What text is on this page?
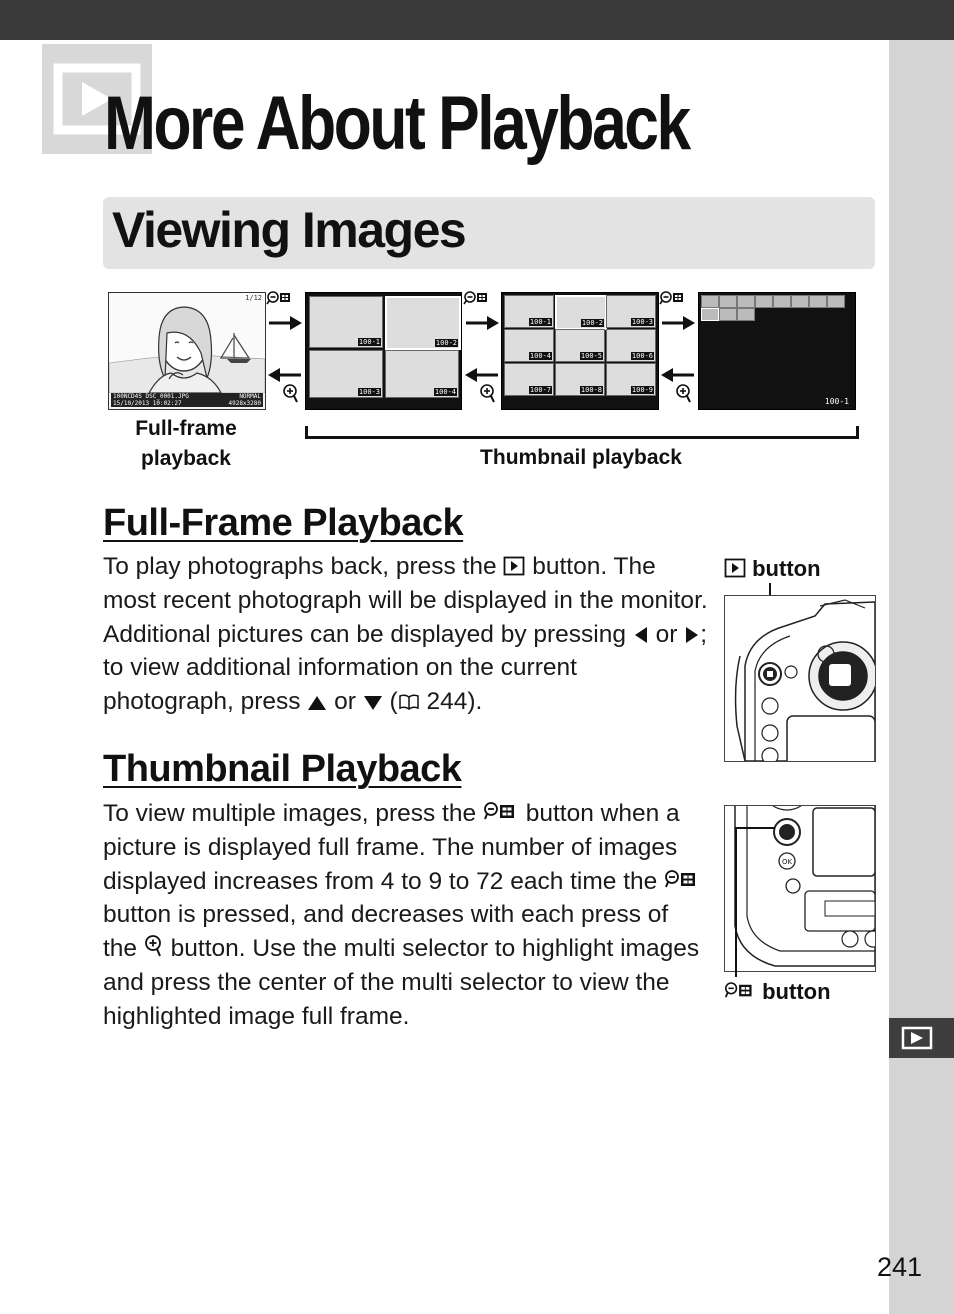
More About Playback
Viewing Images
1/12
100NCD4S DSC_0001.JPG
15/10/2013 10:02:27
NORMAL
4928x3280
100-1	100-2
100-3	100-4
100-1	100-2	100-3
100-4	100-5	100-6
100-7	100-8	100-9
100-1
Full-frame playback	Thumbnail playback
Full-Frame Playback
To play photographs back, press the  button. The most recent photograph will be displayed in the monitor. Additional pictures can be displayed by pressing  or ; to view additional information on the current photograph, press  or  ( 244).
button
Thumbnail Playback
To view multiple images, press the  button when a picture is displayed full frame. The number of images displayed increases from 4 to 9 to 72 each time the  button is pressed, and decreases with each press of the  button. Use the multi selector to highlight images and press the center of the multi selector to view the highlighted image full frame.
OK
button
241
